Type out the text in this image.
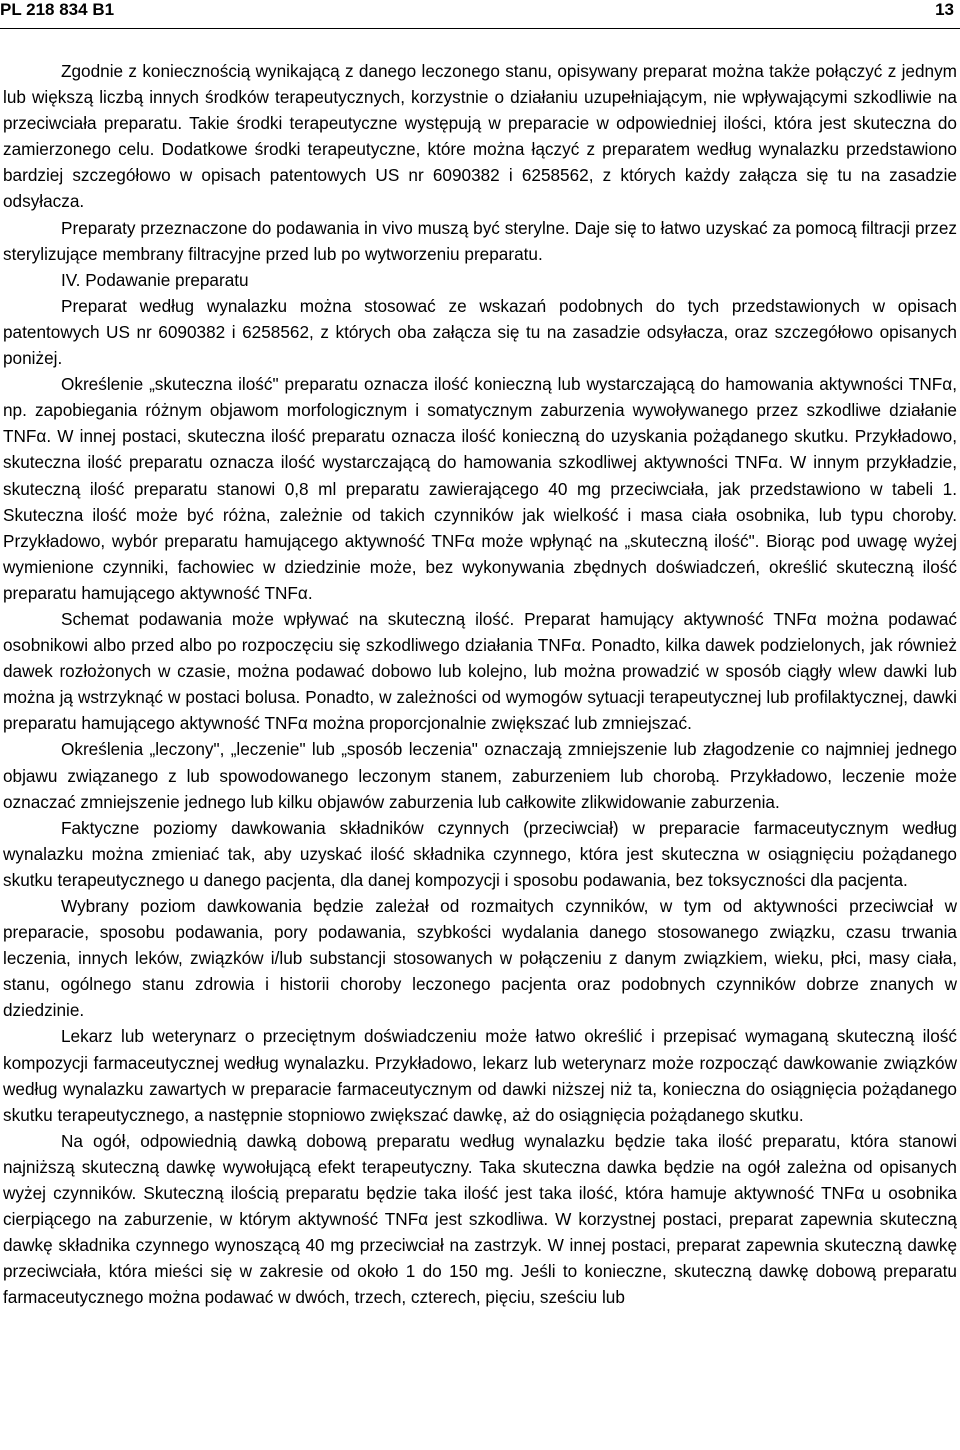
PL 218 834 B1	13

Zgodnie z koniecznością wynikającą z danego leczonego stanu, opisywany preparat można także połączyć z jednym lub większą liczbą innych środków terapeutycznych, korzystnie o działaniu uzupełniającym, nie wpływającymi szkodliwie na przeciwciała preparatu. Takie środki terapeutyczne występują w preparacie w odpowiedniej ilości, która jest skuteczna do zamierzonego celu. Dodatkowe środki terapeutyczne, które można łączyć z preparatem według wynalazku przedstawiono bardziej szczegółowo w opisach patentowych US nr 6090382 i 6258562, z których każdy załącza się tu na zasadzie odsyłacza.

Preparaty przeznaczone do podawania in vivo muszą być sterylne. Daje się to łatwo uzyskać za pomocą filtracji przez sterylizujące membrany filtracyjne przed lub po wytworzeniu preparatu.

IV. Podawanie preparatu

Preparat według wynalazku można stosować ze wskazań podobnych do tych przedstawionych w opisach patentowych US nr 6090382 i 6258562, z których oba załącza się tu na zasadzie odsyłacza, oraz szczegółowo opisanych poniżej.

Określenie „skuteczna ilość" preparatu oznacza ilość konieczną lub wystarczającą do hamowania aktywności TNFα, np. zapobiegania różnym objawom morfologicznym i somatycznym zaburzenia wywoływanego przez szkodliwe działanie TNFα. W innej postaci, skuteczna ilość preparatu oznacza ilość konieczną do uzyskania pożądanego skutku. Przykładowo, skuteczna ilość preparatu oznacza ilość wystarczającą do hamowania szkodliwej aktywności TNFα. W innym przykładzie, skuteczną ilość preparatu stanowi 0,8 ml preparatu zawierającego 40 mg przeciwciała, jak przedstawiono w tabeli 1. Skuteczna ilość może być różna, zależnie od takich czynników jak wielkość i masa ciała osobnika, lub typu choroby. Przykładowo, wybór preparatu hamującego aktywność TNFα może wpłynąć na „skuteczną ilość". Biorąc pod uwagę wyżej wymienione czynniki, fachowiec w dziedzinie może, bez wykonywania zbędnych doświadczeń, określić skuteczną ilość preparatu hamującego aktywność TNFα.

Schemat podawania może wpływać na skuteczną ilość. Preparat hamujący aktywność TNFα można podawać osobnikowi albo przed albo po rozpoczęciu się szkodliwego działania TNFα. Ponadto, kilka dawek podzielonych, jak również dawek rozłożonych w czasie, można podawać dobowo lub kolejno, lub można prowadzić w sposób ciągły wlew dawki lub można ją wstrzyknąć w postaci bolusa. Ponadto, w zależności od wymogów sytuacji terapeutycznej lub profilaktycznej, dawki preparatu hamującego aktywność TNFα można proporcjonalnie zwiększać lub zmniejszać.

Określenia „leczony", „leczenie" lub „sposób leczenia" oznaczają zmniejszenie lub złagodzenie co najmniej jednego objawu związanego z lub spowodowanego leczonym stanem, zaburzeniem lub chorobą. Przykładowo, leczenie może oznaczać zmniejszenie jednego lub kilku objawów zaburzenia lub całkowite zlikwidowanie zaburzenia.

Faktyczne poziomy dawkowania składników czynnych (przeciwciał) w preparacie farmaceutycznym według wynalazku można zmieniać tak, aby uzyskać ilość składnika czynnego, która jest skuteczna w osiągnięciu pożądanego skutku terapeutycznego u danego pacjenta, dla danej kompozycji i sposobu podawania, bez toksyczności dla pacjenta.

Wybrany poziom dawkowania będzie zależał od rozmaitych czynników, w tym od aktywności przeciwciał w preparacie, sposobu podawania, pory podawania, szybkości wydalania danego stosowanego związku, czasu trwania leczenia, innych leków, związków i/lub substancji stosowanych w połączeniu z danym związkiem, wieku, płci, masy ciała, stanu, ogólnego stanu zdrowia i historii choroby leczonego pacjenta oraz podobnych czynników dobrze znanych w dziedzinie.

Lekarz lub weterynarz o przeciętnym doświadczeniu może łatwo określić i przepisać wymaganą skuteczną ilość kompozycji farmaceutycznej według wynalazku. Przykładowo, lekarz lub weterynarz może rozpocząć dawkowanie związków według wynalazku zawartych w preparacie farmaceutycznym od dawki niższej niż ta, konieczna do osiągnięcia pożądanego skutku terapeutycznego, a następnie stopniowo zwiększać dawkę, aż do osiągnięcia pożądanego skutku.

Na ogół, odpowiednią dawką dobową preparatu według wynalazku będzie taka ilość preparatu, która stanowi najniższą skuteczną dawkę wywołującą efekt terapeutyczny. Taka skuteczna dawka będzie na ogół zależna od opisanych wyżej czynników. Skuteczną ilością preparatu będzie taka ilość jest taka ilość, która hamuje aktywność TNFα u osobnika cierpiącego na zaburzenie, w którym aktywność TNFα jest szkodliwa. W korzystnej postaci, preparat zapewnia skuteczną dawkę składnika czynnego wynoszącą 40 mg przeciwciał na zastrzyk. W innej postaci, preparat zapewnia skuteczną dawkę przeciwciała, która mieści się w zakresie od około 1 do 150 mg. Jeśli to konieczne, skuteczną dawkę dobową preparatu farmaceutycznego można podawać w dwóch, trzech, czterech, pięciu, sześciu lub
